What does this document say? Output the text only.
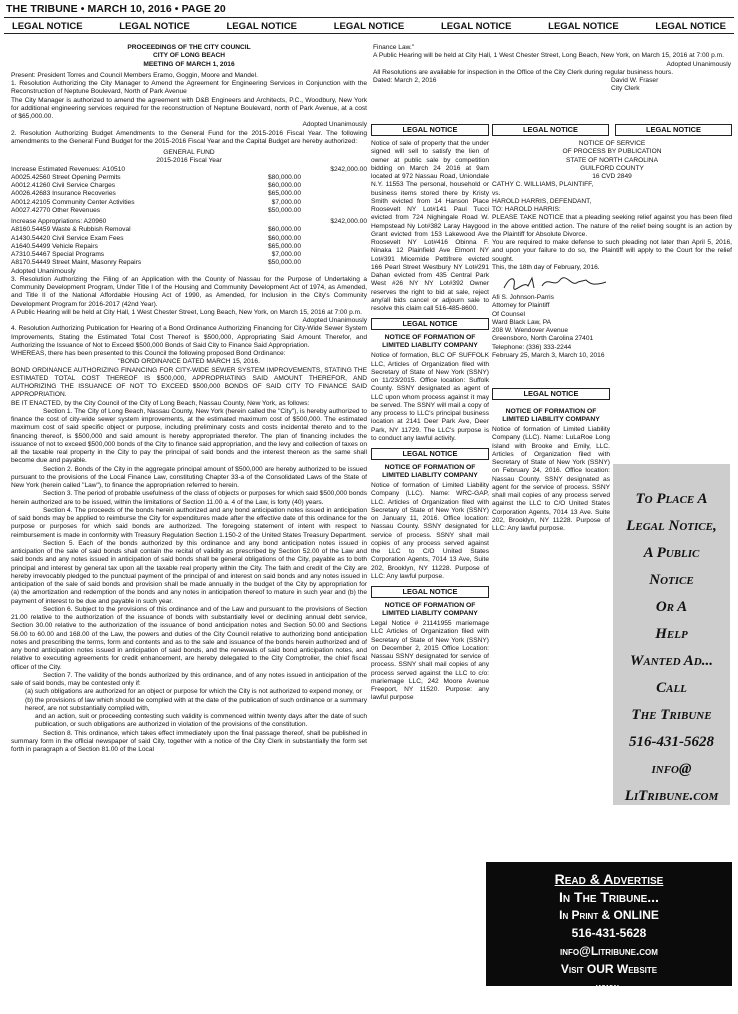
THE TRIBUNE • MARCH 10, 2016 • PAGE 20
LEGAL NOTICE	LEGAL NOTICE	LEGAL NOTICE	LEGAL NOTICE	LEGAL NOTICE	LEGAL NOTICE	LEGAL NOTICE

PROCEEDINGS OF THE CITY COUNCIL

CITY OF LONG BEACH

MEETING OF MARCH 1, 2016

Present: President Torres and Council Members Eramo, Goggin, Moore and Mandel.

1. Resolution Authorizing the City Manager to Amend the Agreement for Engineering Services in Conjunction with the Reconstruction of Neptune Boulevard, North of Park Avenue

The City Manager is authorized to amend the agreement with D&B Engineers and Architects, P.C., Woodbury, New York for additional engineering services required for the reconstruction of Neptune Boulevard, north of Park Avenue, at a cost of $65,000.00.

Adopted Unanimously

2. Resolution Authorizing Budget Amendments to the General Fund for the 2015-2016 Fiscal Year. The following amendments to the General Fund Budget for the 2015-2016 Fiscal Year and the Capital Budget are hereby authorized:

GENERAL FUND

2015-2016 Fiscal Year

Increase Estimated Revenues: A10510	$242,000.00
A0025.42560 Street Opening Permits	$80,000.00
A0012.41260 Civil Service Charges	$60,000.00
A0026.42683 Insurance Recoveries	$65,000.00
A0012.42105 Community Center Activities	$7,000.00
A0027.42770 Other Revenues	$50,000.00
Increase Appropriations: A20960	$242,000.00
A8160.54459 Waste & Rubbish Removal	$60,000.00
A1430.54420 Civil Service Exam Fees	$60,000.00
A1640.54499 Vehicle Repairs	$65,000.00
A7310.54467 Special Programs	$7,000.00
A8170.54449 Street Maint, Masonry Repairs	$50,000.00

Adopted Unanimously

3. Resolution Authorizing the Filing of an Application with the County of Nassau for the Purpose of Undertaking a Community Development Program, Under Title I of the Housing and Community Development Act of 1974, as Amended, and Title II of the National Affordable Housing Act of 1990, as Amended, for Inclusion in the City's Community Development Program for 2016-2017 (42nd Year).

A Public Hearing will be held at City Hall, 1 West Chester Street, Long Beach, New York, on March 15, 2016 at 7:00 p.m.

Adopted Unanimously

4. Resolution Authorizing Publication for Hearing of a Bond Ordinance Authorizing Financing for City-Wide Sewer System Improvements, Stating the Estimated Total Cost Thereof is $500,000, Appropriating Said Amount Therefor, and Authorizing the Issuance of Not to Exceed $500,000 Bonds of Said City to Finance Said Appropriation.

WHEREAS, there has been presented to this Council the following proposed Bond Ordinance:

"BOND ORDINANCE DATED MARCH 15, 2016.

BOND ORDINANCE AUTHORIZING FINANCING FOR CITY-WIDE SEWER SYSTEM IMPROVEMENTS, STATING THE ESTIMATED TOTAL COST THEREOF IS $500,000, APPROPRIATING SAID AMOUNT THEREFOR, AND AUTHORIZING THE ISSUANCE OF NOT TO EXCEED $500,000 BONDS OF SAID CITY TO FINANCE SAID APPROPRIATION.

BE IT ENACTED, by the City Council of the City of Long Beach, Nassau County, New York, as follows:

Section 1. The City of Long Beach, Nassau County, New York (herein called the "City"), is hereby authorized to finance the cost of city-wide sewer system improvements, at the estimated maximum cost of $500,000. The estimated maximum cost of said specific object or purpose, including preliminary costs and costs incidental thereto and to the financing thereof, is $500,000 and said amount is hereby appropriated therefor. The plan of financing includes the issuance of not to exceed $500,000 bonds of the City to finance said appropriation, and the levy and collection of taxes on all the taxable real property in the City to pay the principal of said bonds and the interest thereon as the same shall become due and payable.

Section 2. Bonds of the City in the aggregate principal amount of $500,000 are hereby authorized to be issued pursuant to the provisions of the Local Finance Law, constituting Chapter 33-a of the Consolidated Laws of the State of New York (herein called "Law"), to finance the appropriation referred to herein.

Section 3. The period of probable usefulness of the class of objects or purposes for which said $500,000 bonds herein authorized are to be issued, within the limitations of Section 11.00 a. 4 of the Law, is forty (40) years.

Section 4. The proceeds of the bonds herein authorized and any bond anticipation notes issued in anticipation of said bonds may be applied to reimburse the City for expenditures made after the effective date of this ordinance for the purpose or purposes for which said bonds are authorized. The foregoing statement of intent with respect to reimbursement is made in conformity with Treasury Regulation Section 1.150-2 of the United States Treasury Department.

Section 5. Each of the bonds authorized by this ordinance and any bond anticipation notes issued in anticipation of the sale of said bonds shall contain the recital of validity as prescribed by Section 52.00 of the Law and said bonds and any notes issued in anticipation of said bonds shall be general obligations of the City, payable as to both principal and interest by general tax upon all the taxable real property within the City. The faith and credit of the City are hereby irrevocably pledged to the punctual payment of the principal of and interest on said bonds and any notes issued in anticipation of the sale of said bonds and provision shall be made annually in the budget of the City by appropriation for (a) the amortization and redemption of the bonds and any notes in anticipation thereof to mature in such year and (b) the payment of interest to be due and payable in such year.

Section 6. Subject to the provisions of this ordinance and of the Law and pursuant to the provisions of Section 21.00 relative to the authorization of the issuance of bonds with substantially level or declining annual debt service, Section 30.00 relative to the authorization of the issuance of bond anticipation notes and Section 50.00 and Sections 56.00 to 60.00 and 168.00 of the Law, the powers and duties of the City Council relative to authorizing bond anticipation notes and prescribing the terms, form and contents and as to the sale and issuance of the bonds herein authorized and of any bond anticipation notes issued in anticipation of said bonds, and the renewals of said bond anticipation notes, and relative to executing agreements for credit enhancement, are hereby delegated to the City Comptroller, the chief fiscal officer of the City.

Section 7. The validity of the bonds authorized by this ordinance, and of any notes issued in anticipation of the sale of said bonds, may be contested only if:

(a) such obligations are authorized for an object or purpose for which the City is not authorized to expend money, or

(b) the provisions of law which should be complied with at the date of the publication of such ordinance or a summary hereof, are not substantially complied with,

and an action, suit or proceeding contesting such validity is commenced within twenty days after the date of such publication, or such obligations are authorized in violation of the provisions of the constitution.

Section 8. This ordinance, which takes effect immediately upon the final passage thereof, shall be published in summary form in the official newspaper of said City, together with a notice of the City Clerk in substantially the form set forth in paragraph a of Section 81.00 of the Local

Finance Law."

A Public Hearing will be held at City Hall, 1 West Chester Street, Long Beach, New York, on March 15, 2016 at 7:00 p.m.

Adopted Unanimously

All Resolutions are available for inspection in the Office of the City Clerk during regular business hours.

Dated: March 2, 2016	David W. Fraser
City Clerk
LEGAL NOTICE

Notice of sale of property that the under signed will sell to satisfy the lien of owner at public sale by competition bidding on March 24 2016 at 9am located at 972 Nassau Road, Uniondale N.Y. 11553 The personal, household or business items stored there by Kristy Smith evicted from 14 Hanson Place Roosevelt NY Lot#141 Paul Tucci evicted from 724 Nighingale Road W. Hempstead Ny Lot#382 Laray Haygood Grant evicted from 153 Lakewood Ave Roosevelt NY Lot#416 Obinna F. Ninaka 12 Plainfield Ave Elmont NY Lot#391 Micemide Pettifrere evicted 166 Pearl Street Westbury NY Lot#291 Dahan evicted from 435 Central Park West #26 NY NY Lot#392 Owner reserves the right to bid at sale, reject any/all bids cancel or adjourn sale to resolve this claim call 516-485-8600.

LEGAL NOTICE

NOTICE OF FORMATION OF LIMITED LIABLITY COMPANY

Notice of formation, BLC OF SUFFOLK LLC, Articles of Organization filed with Secretary of State of New York (SSNY) on 11/23/2015. Office location: Suffolk County. SSNY designated as agent of LLC upon whom process against it may be served. The SSNY will mail a copy of any process to LLC's principal business location at 2141 Deer Park Ave, Deer Park, NY 11729. The LLC's purpose is to conduct any lawful activity.

LEGAL NOTICE

NOTICE OF FORMATION OF LIMITED LIABLITY COMPANY

Notice of formation of Limited Liability Company (LLC). Name: WRC-GAP, LLC. Articles of Organization filed with Secretary of State of New York (SSNY) on January 11, 2016. Office location: Nassau County. SSNY designated for service of process. SSNY shall mail copies of any process served against the LLC to C/O United States Corporation Agents, 7014 13 Ave, Suite 202, Brooklyn, NY 11228. Purpose of LLC: Any lawful purpose.

LEGAL NOTICE

NOTICE OF FORMATION OF LIMITED LIABLITY COMPANY

Legal Notice # 21141955 mariemage LLC Articles of Organization filed with Secretary of State of New York (SSNY) on December 2, 2015 Office Location: Nassau SSNY designated for service of process. SSNY shall mail copies of any process served against the LLC to c/o: mariemage LLC, 242 Moore Avenue Freeport, NY 11520. Purpose: any lawful purpose

LEGAL NOTICE	LEGAL NOTICE

NOTICE OF SERVICE

OF PROCESS BY PUBLICATION

STATE OF NORTH CAROLINA

GUILFORD COUNTY

16 CVD 2849

CATHY C. WILLIAMS, PLAINTIFF,

vs.

HAROLD HARRIS, DEFENDANT,

TO: HAROLD HARRIS:

PLEASE TAKE NOTICE that a pleading seeking relief against you has been filed in the above entitled action. The nature of the relief being sought is an action by the Plaintiff for Absolute Divorce.

You are required to make defense to such pleading not later than April 5, 2016, and upon your failure to do so, the Plaintiff will apply to the Court for the relief sought.

This, the 18th day of February, 2016.

Afi S. Johnson-Parris

Attorney for Plaintiff

Of Counsel

Ward Black Law, PA

208 W. Wendover Avenue

Greensboro, North Carolina 27401

Telephone: (336) 333-2244

February 25, March 3, March 10, 2016

LEGAL NOTICE

NOTICE OF FORMATION OF LIMITED LIABILITY COMPANY

Notice of formation of Limited Liability Company (LLC). Name: LuLaRoe Long Island with Brooke and Emily, LLC. Articles of Organization filed with Secretary of State of New York (SSNY) on February 24, 2016. Office location: Nassau County. SSNY designated as agent for the service of process. SSNY shall mail copies of any process served against the LLC to C/O United States Corporation Agents, 7014 13 Ave. Suite 202, Brooklyn, NY 11228. Purpose of LLC: Any lawful purpose.

To Place A

Legal Notice,

A Public

Notice

Or A

Help

Wanted Ad...

Call

The Tribune

516-431-5628

info@

LiTribune.com

Read & Advertise

In The Tribune...

In Print & ONLINE

516-431-5628

info@Litribune.com

Visit OUR Website

www.

Litribune.com
